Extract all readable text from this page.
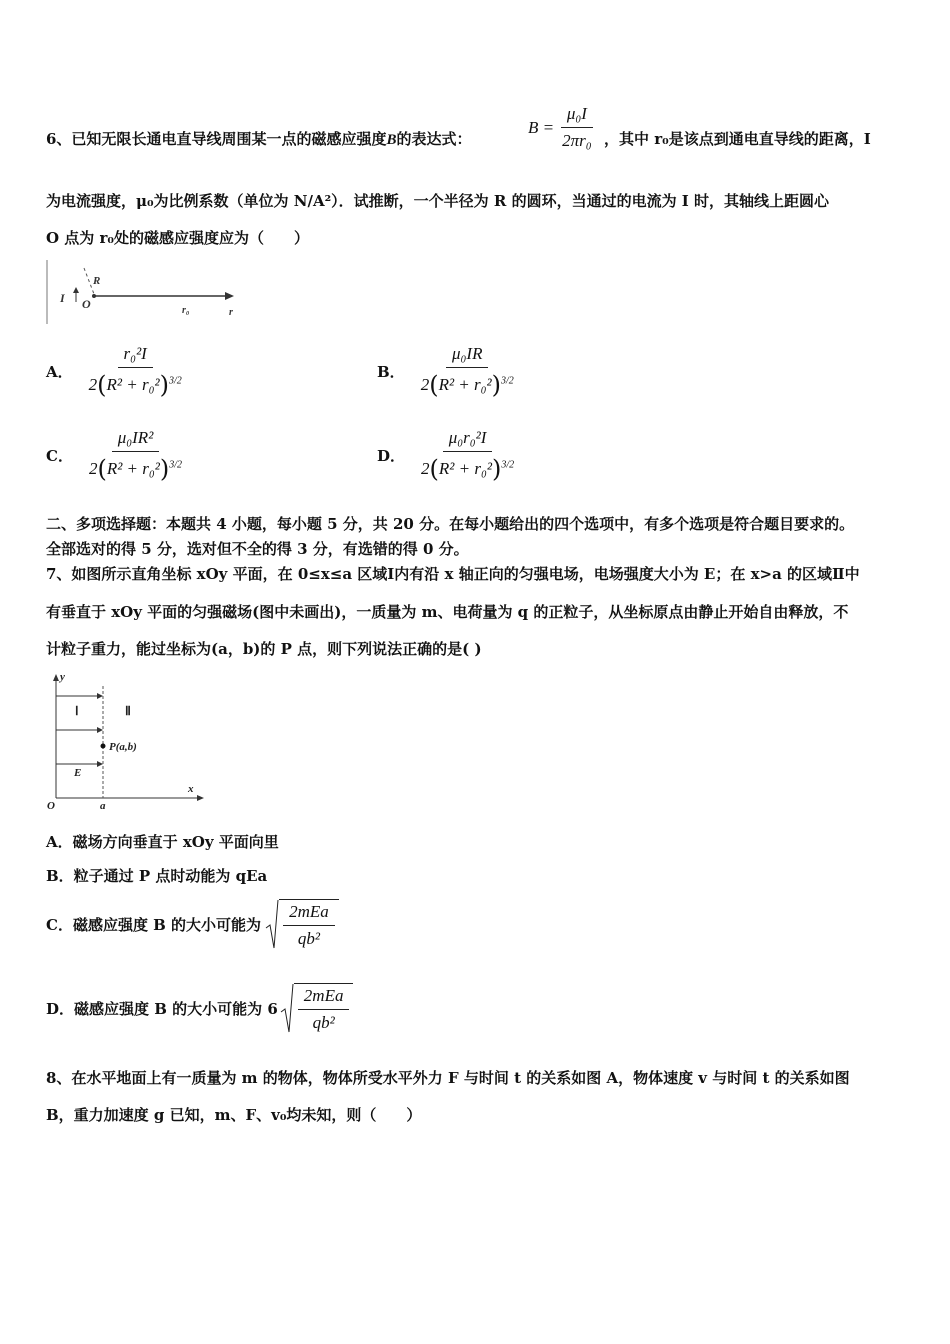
6、已知无限长通电直导线周围某一点的磁感应强度B的表达式：
$B = \frac{\text{μ₀I}}{\text{2πr₀}}$ ，其中 r₀是该点到通电直导线的距离，I
为电流强度，μ₀为比例系数（单位为 N/A²）．试推断，一个半径为 R 的圆环，当通过的电流为 I 时，其轴线上距圆心
O 点为 r₀处的磁感应强度应为（　　）
I O
R
r₀	r
A． $\frac{\text{r₀²I}}{2(R^2 + r_0^2)^{3/2}}$	B． $\frac{\text{μ₀IR}}{2(R^2 + r_0^2)^{3/2}}$
C． $\frac{\text{μ₀IR²}}{2(R^2 + r_0^2)^{3/2}}$	D． $\frac{\text{μ₀r₀²I}}{2(R^2 + r_0^2)^{3/2}}$
二、多项选择题：本题共 4 小题，每小题 5 分，共 20 分。在每小题给出的四个选项中，有多个选项是符合题目要求的。
全部选对的得 5 分，选对但不全的得 3 分，有选错的得 0 分。
7、如图所示直角坐标 xOy 平面，在 0≤x≤a 区域Ⅰ内有沿 x 轴正向的匀强电场，电场强度大小为 E；在 x>a 的区域Ⅱ中
有垂直于 xOy 平面的匀强磁场(图中未画出)，一质量为 m、电荷量为 q 的正粒子，从坐标原点由静止开始自由释放，不
计粒子重力，能过坐标为(a，b)的 P 点，则下列说法正确的是( )
y
x
O	a
Ⅰ	Ⅱ
E
P(a,b)
A．磁场方向垂直于 xOy 平面向里
B．粒子通过 P 点时动能为 qEa
C．磁感应强度 B 的大小可能为 $\frac{\text{2mEa}}{\text{qb²}}$
D．磁感应强度 B 的大小可能为 $6 \frac{\text{2mEa}}{\text{qb²}}$
8、在水平地面上有一质量为 m 的物体，物体所受水平外力 F 与时间 t 的关系如图 A，物体速度 v 与时间 t 的关系如图
B，重力加速度 g 已知，m、F、v₀均未知，则（　　）
